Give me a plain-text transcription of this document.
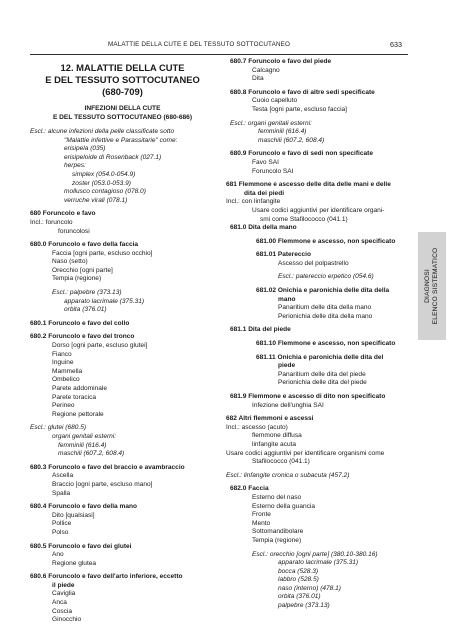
MALATTIE DELLA CUTE E DEL TESSUTO SOTTOCUTANEO	633
12. MALATTIE DELLA CUTE
E DEL TESSUTO SOTTOCUTANEO
(680-709)
INFEZIONI DELLA CUTE
E DEL TESSUTO SOTTOCUTANEO (680-686)
Escl.: alcune infezioni della pelle classificate sotto
"Malattie infettive e Parassitarie" come:
erisipela (035)
erisipeloide di Rosenback (027.1)
herpes:
simplex (054.0-054.9)
zoster (053.0-053.9)
mollusco contagioso (078.0)
verruche virali (078.1)
680 Foruncolo e favo
Incl.: foruncolo
foruncolosi
680.0 Foruncolo e favo della faccia
Faccia [ogni parte, escluso occhio]
Naso (setto)
Orecchio [ogni parte]
Tempia (regione)
Escl.: palpebre (373.13)
apparato lacrimale (375.31)
orbita (376.01)
680.1 Foruncolo e favo del collo
680.2 Foruncolo e favo del tronco
Dorso [ogni parte, escluso glutei]
Fianco
Inguine
Mammella
Ombelico
Parete addominale
Parete toracica
Perineo
Regione pettorale
Escl.: glutei (680.5)
organi genitali esterni:
femminili (616.4)
maschili (607.2, 608.4)
680.3 Foruncolo e favo del braccio e avambraccio
Ascella
Braccio [ogni parte, escluso mano]
Spalla
680.4 Foruncolo e favo della mano
Dito [qualsiasi]
Pollice
Polso
680.5 Foruncolo e favo dei glutei
Ano
Regione glutea
680.6 Foruncolo e favo dell'arto inferiore, eccetto
il piede
Caviglia
Anca
Coscia
Ginocchio
680.7 Foruncolo e favo del piede
Calcagno
Dita
680.8 Foruncolo e favo di altre sedi specificate
Cuoio capelluto
Testa [ogni parte, escluso faccia]
Escl.: organi genitali esterni:
femminili (616.4)
maschili (607.2, 608.4)
680.9 Foruncolo e favo di sedi non specificate
Favo SAI
Foruncolo SAI
681 Flemmone e ascesso delle dita delle mani e delle
dita dei piedi
Incl.: con linfangite
Usare codici aggiuntivi per identificare organi-
smi come Stafilococco (041.1)
681.0 Dita della mano
681.00 Flemmone e ascesso, non specificato
681.01 Patereccio
Ascesso del polpastrello
Escl.: patereccio erpetico (054.6)
681.02 Onichia e paronichia delle dita della
mano
Panaritium delle dita della mano
Perionichia delle dita della mano
681.1 Dita del piede
681.10 Flemmone e ascesso, non specificato
681.11 Onichia e paronichia delle dita del
piede
Panaritium delle dita del piede
Perionichia delle dita del piede
681.9 Flemmone e ascesso di dito non specificato
Infezione dell'unghia SAI
682 Altri flemmoni e ascessi
Incl.: ascesso (acuto)
flemmone diffusa
linfangite acuta
Usare codici aggiuntivi per identificare organismi come
Stafilococco (041.1)
Escl.: linfangite cronica o subacuta (457.2)
682.0 Faccia
Esterno del naso
Esterno della guancia
Fronte
Mento
Sottomandibolare
Tempia (regione)
Escl.: orecchio [ogni parte] (380.10-380.16)
apparato lacrimale (375.31)
bocca (528.3)
labbro (528.5)
naso (interno) (478.1)
orbita (376.01)
palpebre (373.13)
DIAGNOSI ELENCO SISTEMATICO
